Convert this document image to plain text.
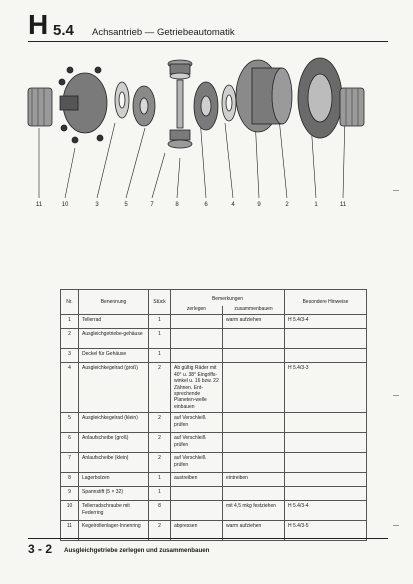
H 5.4 Achsantrieb — Getriebeautomatik
11	10	3	5	7	8	6	4	9	2	1	11
Nr.	Benennung	Stück	Bemerkungen		Besondere Hinweise
			zerlegen	zusammenbauen	
1	Tellerrad	1		warm aufziehen	H 5.4/3-4
2	Ausgleichgetriebe-gehäuse	1			
3	Deckel für Gehäuse	1			
4	Ausgleichkegelrad (groß)	2	Ab gültig Räder mit 40° u. 38° Eingriffs-winkel u. 16 bzw. 22 Zähnen. Ent-sprechende Planeten-welle einbauen		H 5.4/3-3
5	Ausgleichkegelrad (klein)	2	auf Verschleiß prüfen		
6	Anlaufscheibe (groß)	2	auf Verschleiß prüfen		
7	Anlaufscheibe (klein)	2	auf Verschleiß prüfen		
8	Lagerbolzen	1	austreiben	eintreiben	
9	Spannstift (5 × 32)	1			
10	Tellerradschraube mit Federring	8		mit 4,5 mkg festziehen	H 5.4/3-4
11	Kegelrollenlager-Innenring	2	abpressen	warm aufziehen	H 5.4/3-5
3 - 2 Ausgleichgetriebe zerlegen und zusammenbauen
